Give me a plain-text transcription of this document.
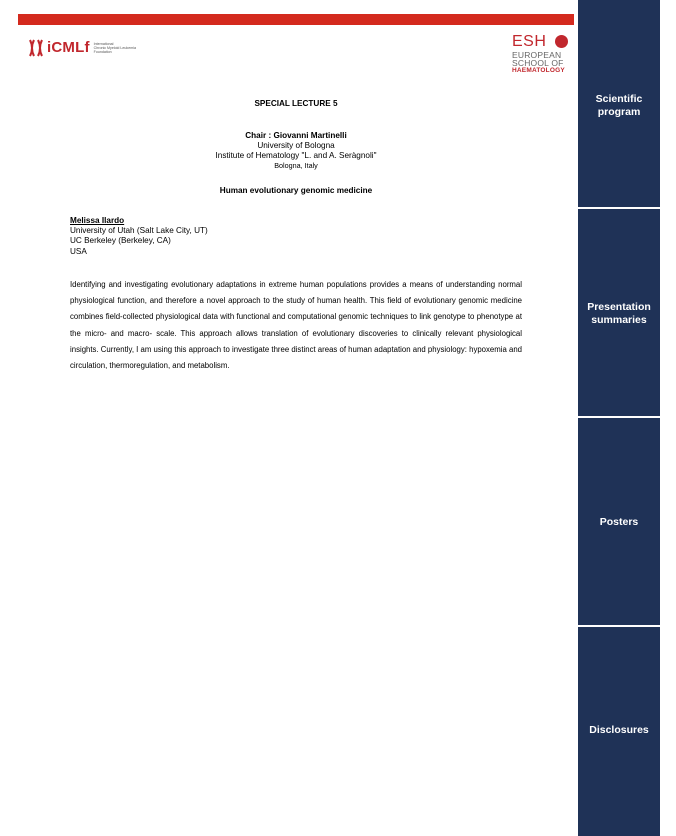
iCMLf International
Chronic Myeloid Leukemia
Foundation
ESH
EUROPEAN
SCHOOL OF
HAEMATOLOGY
Scientific
program
Presentation
summaries
Posters
Disclosures
SPECIAL LECTURE 5
Chair : Giovanni Martinelli
University of Bologna
Institute of Hematology "L. and A. Seràgnoli"
Bologna, Italy
Human evolutionary genomic medicine
Melissa Ilardo
University of Utah (Salt Lake City, UT)
UC Berkeley (Berkeley, CA)
USA
Identifying and investigating evolutionary adaptations in extreme human populations provides a means of understanding normal physiological function, and therefore a novel approach to the study of human health. This field of evolutionary genomic medicine combines field-collected physiological data with functional and computational genomic techniques to link genotype to phenotype at the micro- and macro- scale. This approach allows translation of evolutionary discoveries to clinically relevant physiological insights. Currently, I am using this approach to investigate three distinct areas of human adaptation and physiology: hypoxemia and circulation, thermoregulation, and metabolism.
